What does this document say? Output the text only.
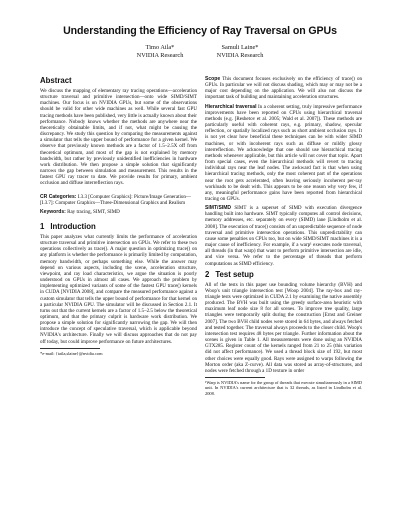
Understanding the Efficiency of Ray Traversal on GPUs
Timo Aila*
NVIDIA Research
Samuli Laine*
NVIDIA Research
Abstract

We discuss the mapping of elementary ray tracing operations—acceleration structure traversal and primitive intersection—onto wide SIMD/SIMT machines. Our focus is on NVIDIA GPUs, but some of the observations should be valid for other wide machines as well. While several fast GPU tracing methods have been published, very little is actually known about their performance. Nobody knows whether the methods are anywhere near the theoretically obtainable limits, and if not, what might be causing the discrepancy. We study this question by comparing the measurements against a simulator that tells the upper bound of performance for a given kernel. We observe that previously known methods are a factor of 1.5–2.5X off from theoretical optimum, and most of the gap is not explained by memory bandwidth, but rather by previously unidentified inefficiencies in hardware work distribution. We then propose a simple solution that significantly narrows the gap between simulation and measurement. This results in the fastest GPU ray tracer to date. We provide results for primary, ambient occlusion and diffuse interreflection rays.

CR Categories: I.3.3 [Computer Graphics]: Picture/Image Generation— [I.3.7]: Computer Graphics—Three-Dimensional Graphics and Realism
Keywords: Ray tracing, SIMT, SIMD
1 Introduction

This paper analyzes what currently limits the performance of acceleration structure traversal and primitive intersection on GPUs. We refer to these two operations collectively as trace(). A major question in optimizing trace() on any platform is whether the performance is primarily limited by computation, memory bandwidth, or perhaps something else. While the answer may depend on various aspects, including the scene, acceleration structure, viewpoint, and ray load characteristics, we argue the situation is poorly understood on GPUs in almost all cases. We approach the problem by implementing optimized variants of some of the fastest GPU trace() kernels in CUDA [NVIDIA 2008], and compare the measured performance against a custom simulator that tells the upper bound of performance for that kernel on a particular NVIDIA GPU. The simulator will be discussed in Section 2.1. It turns out that the current kernels are a factor of 1.5–2.5 below the theoretical optimum, and that the primary culprit is hardware work distribution. We propose a simple solution for significantly narrowing the gap. We will then introduce the concept of speculative traversal, which is applicable beyond NVIDIA's architecture. Finally we will discuss approaches that do not pay off today, but could improve performance on future architectures.

*e-mail: {taila,slaine}@nvidia.com

Scope This document focuses exclusively on the efficiency of trace() on GPUs. In particular we will not discuss shading, which may or may not be a major cost depending on the application. We will also not discuss the important task of building and maintaining acceleration structures.

Hierarchical traversal In a coherent setting, truly impressive performance improvements have been reported on CPUs using hierarchical traversal methods (e.g. [Reshetov et al. 2005; Wald et al. 2007]). These methods are particularly useful with coherent rays, e.g. primary, shadow, specular reflection, or spatially localized rays such as short ambient occlusion rays. It is not yet clear how beneficial these techniques can be with wider SIMD machines, or with incoherent rays such as diffuse or mildly glossy interreflection. We acknowledge that one should use hierarchical tracing methods whenever applicable, but this article will not cover that topic. Apart from special cases, even the hierarchical methods will revert to tracing individual rays near the leaf nodes. The awkward fact is that when using hierarchical tracing methods, only the most coherent part of the operations near the root gets accelerated, often leaving seriously incoherent per-ray workloads to be dealt with. This appears to be one reason why very few, if any, meaningful performance gains have been reported from hierarchical tracing on GPUs.

SIMT/SIMD SIMT is a superset of SIMD with execution divergence handling built into hardware. SIMT typically computes all control decisions, memory addresses, etc. separately on every (SIMD) lane [Lindholm et al. 2008]. The execution of trace() consists of an unpredictable sequence of node traversal and primitive intersection operations. This unpredictability can cause some penalties on CPUs too, but on wide SIMD/SIMT machines it is a major cause of inefficiency. For example, if a warp¹ executes node traversal, all threads (in that warp) that want to perform primitive intersection are idle, and vice versa. We refer to the percentage of threads that perform computations as SIMD efficiency.

2 Test setup

All of the tests in this paper use bounding volume hierarchy (BVH) and Woop's unit triangle intersection test [Woop 2004]. The ray-box and ray-triangle tests were optimized in CUDA 2.1 by examining the native assembly produced. The BVH was built using the greedy surface-area heuristic with maximum leaf node size 8 for all scenes. To improve tree quality, large triangles were temporarily split during the construction [Ernst and Greiner 2007]. The two BVH child nodes were stored in 64 bytes, and always fetched and tested together. The traversal always proceeds to the closer child. Woop's intersection test requires 48 bytes per triangle. Further information about the scenes is given in Table 1. All measurements were done using an NVIDIA GTX285. Register count of the kernels ranged from 21 to 25 (this variation did not affect performance). We used a thread block size of 192, but most other choices were equally good. Rays were assigned to warps following the Morton order (aka Z-curve). All data was stored as array-of-structures, and nodes were fetched through a 1D texture in order

¹Warp is NVIDIA's name for the group of threads that execute simultaneously in a SIMD unit. In NVIDIA's current architecture that is 32 threads, as listed in Lindholm et al. 2008.
